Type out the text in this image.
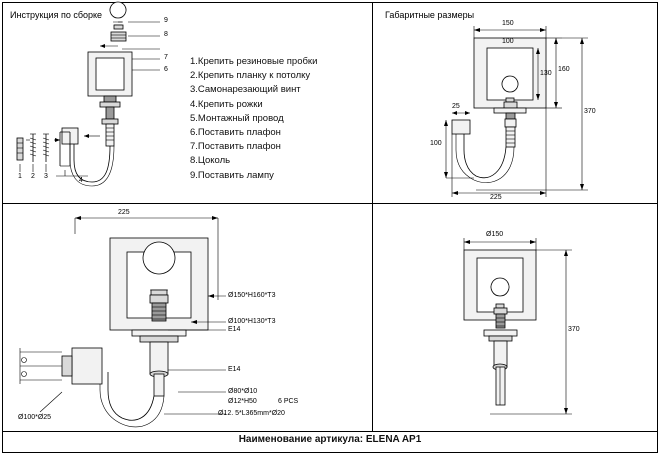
Инструкция по сборке	Габаритные размеры
1.Крепить резиновые пробки
2.Крепить планку к потолку
3.Самонарезающий винт
4.Крепить рожки
5.Монтажный провод
6.Поставить плафон
7.Поставить плафон
8.Цоколь
9.Поставить лампу
9
8
7
6
1 2 3
4
225
Ø150*H160*T3
Ø100*H130*T3
E14
E14
Ø80*Ø10
Ø12*H50	6 PCS
Ø12. 5*L365mm*Ø20
Ø100*Ø25
150
100
130
160
370
25
100
225
Ø150
370
Наименование артикула: ELENA AP1
